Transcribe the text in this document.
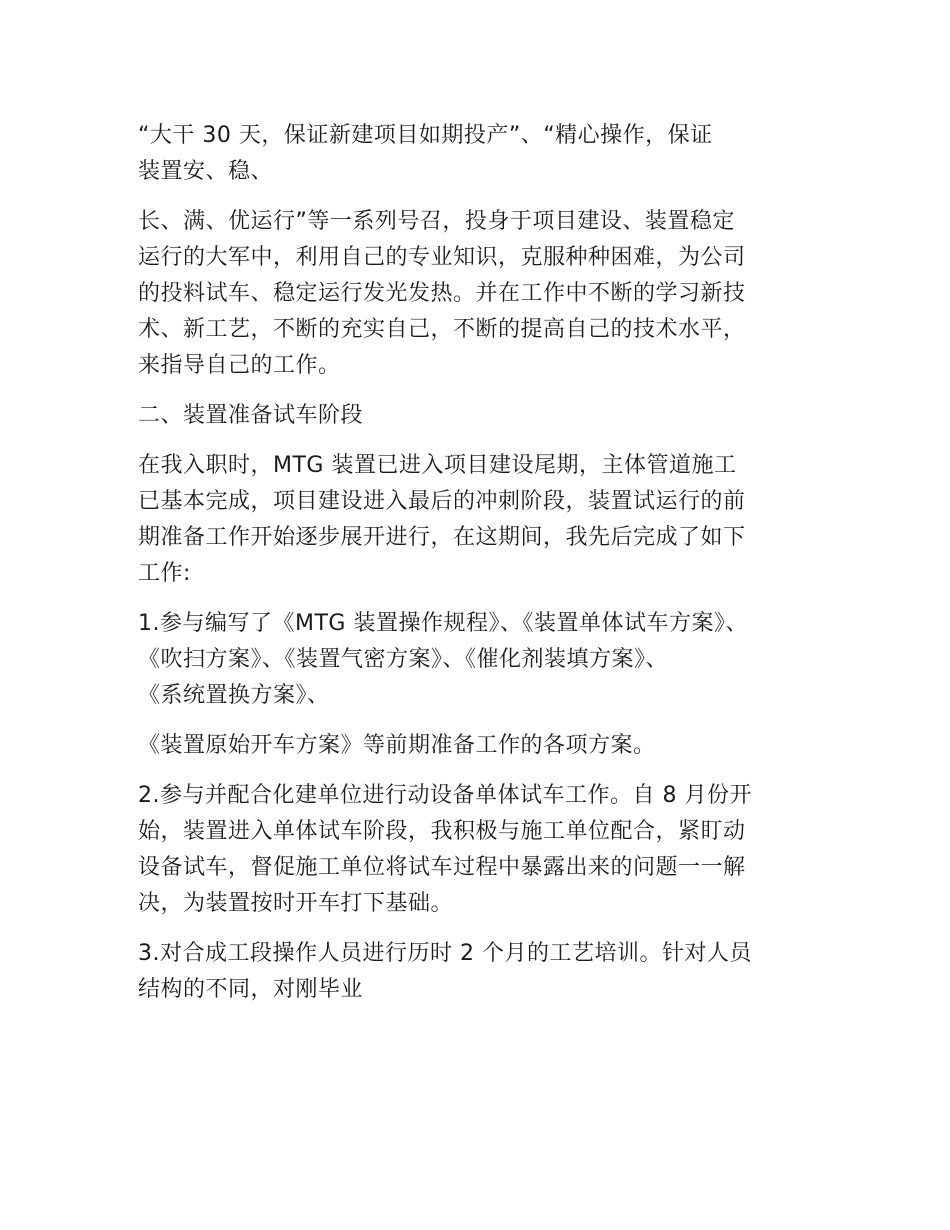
“大干 30 天，保证新建项目如期投产”、“精心操作，保证
装置安、稳、

长、满、优运行”等一系列号召，投身于项目建设、装置稳定
运行的大军中，利用自己的专业知识，克服种种困难，为公司
的投料试车、稳定运行发光发热。并在工作中不断的学习新技
术、新工艺，不断的充实自己，不断的提高自己的技术水平，
来指导自己的工作。

二、装置准备试车阶段

在我入职时，MTG 装置已进入项目建设尾期，主体管道施工
已基本完成，项目建设进入最后的冲刺阶段，装置试运行的前
期准备工作开始逐步展开进行，在这期间，我先后完成了如下
工作:

1.参与编写了《MTG 装置操作规程》、《装置单体试车方案》、
《吹扫方案》、《装置气密方案》、《催化剂装填方案》、
《系统置换方案》、

《装置原始开车方案》等前期准备工作的各项方案。

2.参与并配合化建单位进行动设备单体试车工作。自 8 月份开
始，装置进入单体试车阶段，我积极与施工单位配合，紧盯动
设备试车，督促施工单位将试车过程中暴露出来的问题一一解
决，为装置按时开车打下基础。

3.对合成工段操作人员进行历时 2 个月的工艺培训。针对人员
结构的不同，对刚毕业
